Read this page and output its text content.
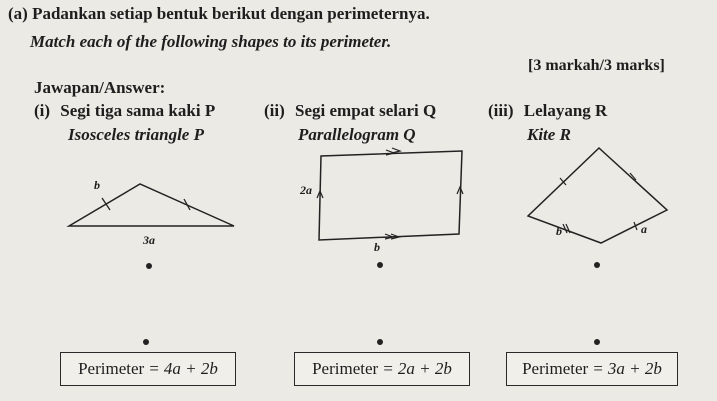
(a) Padankan setiap bentuk berikut dengan perimeternya.
Match each of the following shapes to its perimeter.
[3 markah/3 marks]
Jawapan/Answer:
(i) Segi tiga sama kaki P
Isosceles triangle P
(ii) Segi empat selari Q
Parallelogram Q
(iii) Lelayang R
Kite R
b
3a
2a
b
b	a
Perimeter = 4a + 2b	Perimeter = 2a + 2b	Perimeter = 3a + 2b
